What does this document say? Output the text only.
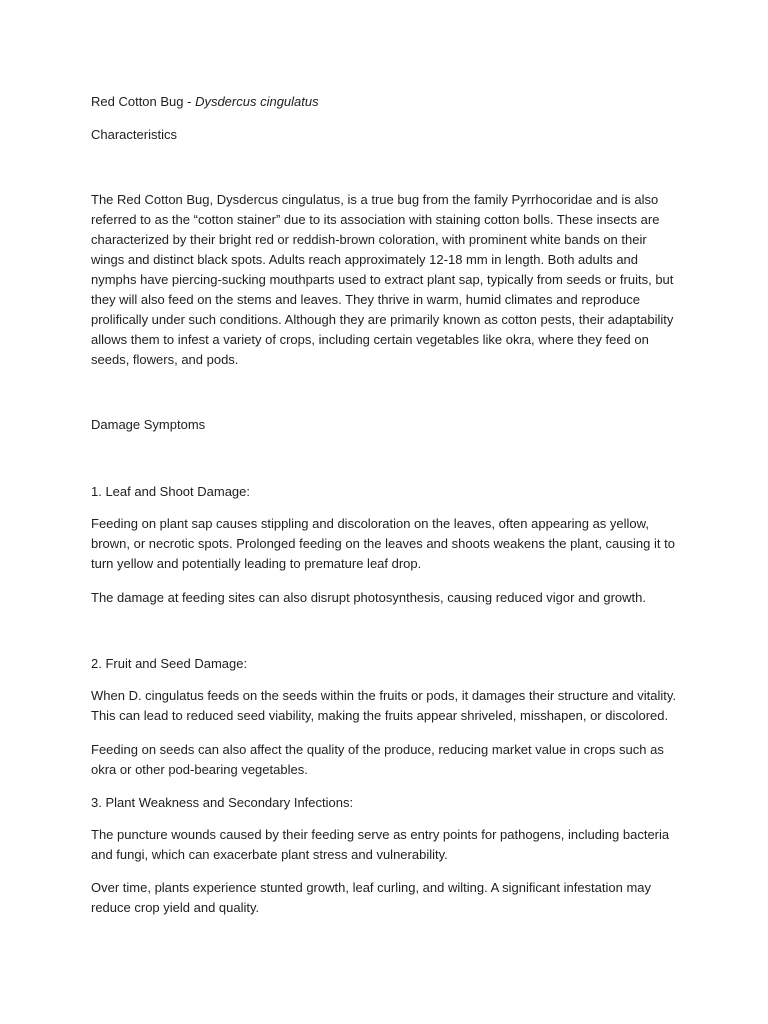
Red Cotton Bug - Dysdercus cingulatus

Characteristics

The Red Cotton Bug, Dysdercus cingulatus, is a true bug from the family Pyrrhocoridae and is also referred to as the “cotton stainer” due to its association with staining cotton bolls. These insects are characterized by their bright red or reddish-brown coloration, with prominent white bands on their wings and distinct black spots. Adults reach approximately 12-18 mm in length. Both adults and nymphs have piercing-sucking mouthparts used to extract plant sap, typically from seeds or fruits, but they will also feed on the stems and leaves. They thrive in warm, humid climates and reproduce prolifically under such conditions. Although they are primarily known as cotton pests, their adaptability allows them to infest a variety of crops, including certain vegetables like okra, where they feed on seeds, flowers, and pods.

Damage Symptoms

1. Leaf and Shoot Damage:

Feeding on plant sap causes stippling and discoloration on the leaves, often appearing as yellow, brown, or necrotic spots. Prolonged feeding on the leaves and shoots weakens the plant, causing it to turn yellow and potentially leading to premature leaf drop.

The damage at feeding sites can also disrupt photosynthesis, causing reduced vigor and growth.

2. Fruit and Seed Damage:

When D. cingulatus feeds on the seeds within the fruits or pods, it damages their structure and vitality. This can lead to reduced seed viability, making the fruits appear shriveled, misshapen, or discolored.

Feeding on seeds can also affect the quality of the produce, reducing market value in crops such as okra or other pod-bearing vegetables.

3. Plant Weakness and Secondary Infections:

The puncture wounds caused by their feeding serve as entry points for pathogens, including bacteria and fungi, which can exacerbate plant stress and vulnerability.

Over time, plants experience stunted growth, leaf curling, and wilting. A significant infestation may reduce crop yield and quality.
